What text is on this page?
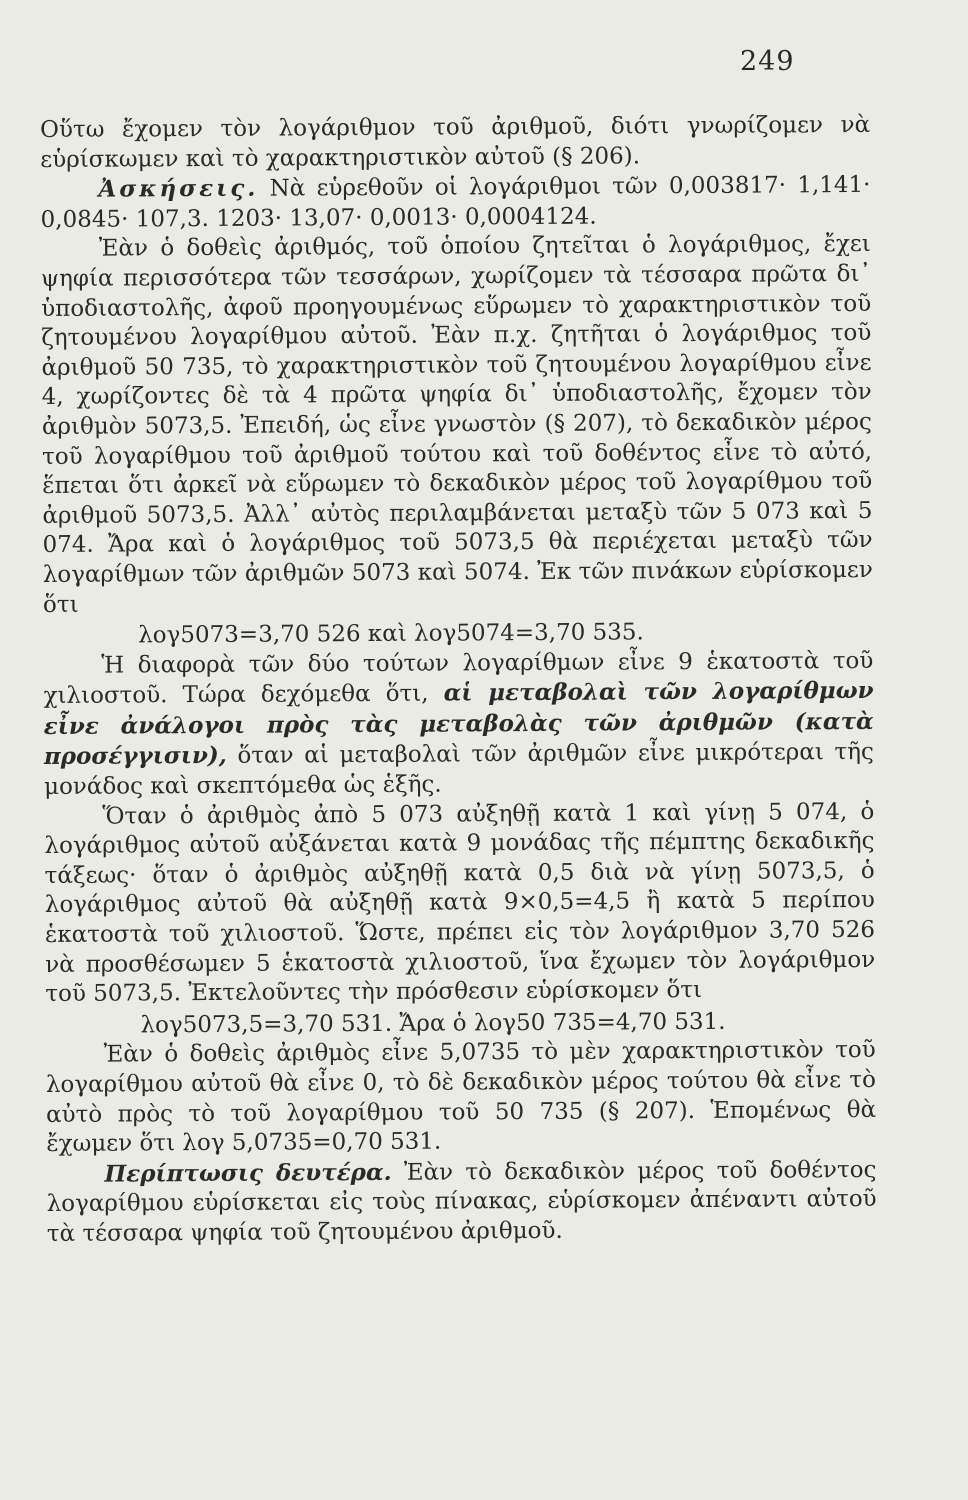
249

Οὕτω ἔχομεν τὸν λογάριθμον τοῦ ἀριθμοῦ, διότι γνωρίζομεν νὰ εὑρίσκωμεν καὶ τὸ χαρακτηριστικὸν αὐτοῦ (§ 206).

Ἀσκήσεις. Νὰ εὑρεθοῦν οἱ λογάριθμοι τῶν 0,003817· 1,141· 0,0845· 107,3. 1203· 13,07· 0,0013· 0,0004124.

Ἐὰν ὁ δοθεὶς ἀριθμός, τοῦ ὁποίου ζητεῖται ὁ λογάριθμος, ἔχει ψηφία περισσότερα τῶν τεσσάρων, χωρίζομεν τὰ τέσσαρα πρῶτα δι᾽ ὑποδιαστολῆς, ἀφοῦ προηγουμένως εὕρωμεν τὸ χαρακτηριστικὸν τοῦ ζητουμένου λογαρίθμου αὐτοῦ. Ἐὰν π.χ. ζητῆται ὁ λογάριθμος τοῦ ἀριθμοῦ 50 735, τὸ χαρακτηριστικὸν τοῦ ζητουμένου λογαρίθμου εἶνε 4, χωρίζοντες δὲ τὰ 4 πρῶτα ψηφία δι᾽ ὑποδιαστολῆς, ἔχομεν τὸν ἀριθμὸν 5073,5. Ἐπειδή, ὡς εἶνε γνωστὸν (§ 207), τὸ δεκαδικὸν μέρος τοῦ λογαρίθμου τοῦ ἀριθμοῦ τούτου καὶ τοῦ δοθέντος εἶνε τὸ αὐτό, ἕπεται ὅτι ἀρκεῖ νὰ εὕρωμεν τὸ δεκαδικὸν μέρος τοῦ λογαρίθμου τοῦ ἀριθμοῦ 5073,5. Ἀλλ᾽ αὐτὸς περιλαμβάνεται μεταξὺ τῶν 5 073 καὶ 5 074. Ἄρα καὶ ὁ λογάριθμος τοῦ 5073,5 θὰ περιέχεται μεταξὺ τῶν λογαρίθμων τῶν ἀριθμῶν 5073 καὶ 5074. Ἐκ τῶν πινάκων εὑρίσκομεν ὅτι

λογ5073=3,70 526 καὶ λογ5074=3,70 535.

Ἡ διαφορὰ τῶν δύο τούτων λογαρίθμων εἶνε 9 ἑκατοστὰ τοῦ χιλιοστοῦ. Τώρα δεχόμεθα ὅτι, αἱ μεταβολαὶ τῶν λογαρίθμων εἶνε ἀνάλογοι πρὸς τὰς μεταβολὰς τῶν ἀριθμῶν (κατὰ προσέγγισιν), ὅταν αἱ μεταβολαὶ τῶν ἀριθμῶν εἶνε μικρότεραι τῆς μονάδος καὶ σκεπτόμεθα ὡς ἑξῆς.

Ὅταν ὁ ἀριθμὸς ἀπὸ 5 073 αὐξηθῇ κατὰ 1 καὶ γίνῃ 5 074, ὁ λογάριθμος αὐτοῦ αὐξάνεται κατὰ 9 μονάδας τῆς πέμπτης δεκαδικῆς τάξεως· ὅταν ὁ ἀριθμὸς αὐξηθῇ κατὰ 0,5 διὰ νὰ γίνῃ 5073,5, ὁ λογάριθμος αὐτοῦ θὰ αὐξηθῇ κατὰ 9×0,5=4,5 ἢ κατὰ 5 περίπου ἑκατοστὰ τοῦ χιλιοστοῦ. Ὥστε, πρέπει εἰς τὸν λογάριθμον 3,70 526 νὰ προσθέσωμεν 5 ἑκατοστὰ χιλιοστοῦ, ἵνα ἔχωμεν τὸν λογάριθμον τοῦ 5073,5. Ἐκτελοῦντες τὴν πρόσθεσιν εὑρίσκομεν ὅτι

λογ5073,5=3,70 531. Ἄρα ὁ λογ50 735=4,70 531.

Ἐὰν ὁ δοθεὶς ἀριθμὸς εἶνε 5,0735 τὸ μὲν χαρακτηριστικὸν τοῦ λογαρίθμου αὐτοῦ θὰ εἶνε 0, τὸ δὲ δεκαδικὸν μέρος τούτου θὰ εἶνε τὸ αὐτὸ πρὸς τὸ τοῦ λογαρίθμου τοῦ 50 735 (§ 207). Ἑπομένως θὰ ἔχωμεν ὅτι λογ 5,0735=0,70 531.

Περίπτωσις δευτέρα. Ἐὰν τὸ δεκαδικὸν μέρος τοῦ δοθέντος λογαρίθμου εὑρίσκεται εἰς τοὺς πίνακας, εὑρίσκομεν ἀπέναντι αὐτοῦ τὰ τέσσαρα ψηφία τοῦ ζητουμένου ἀριθμοῦ.
